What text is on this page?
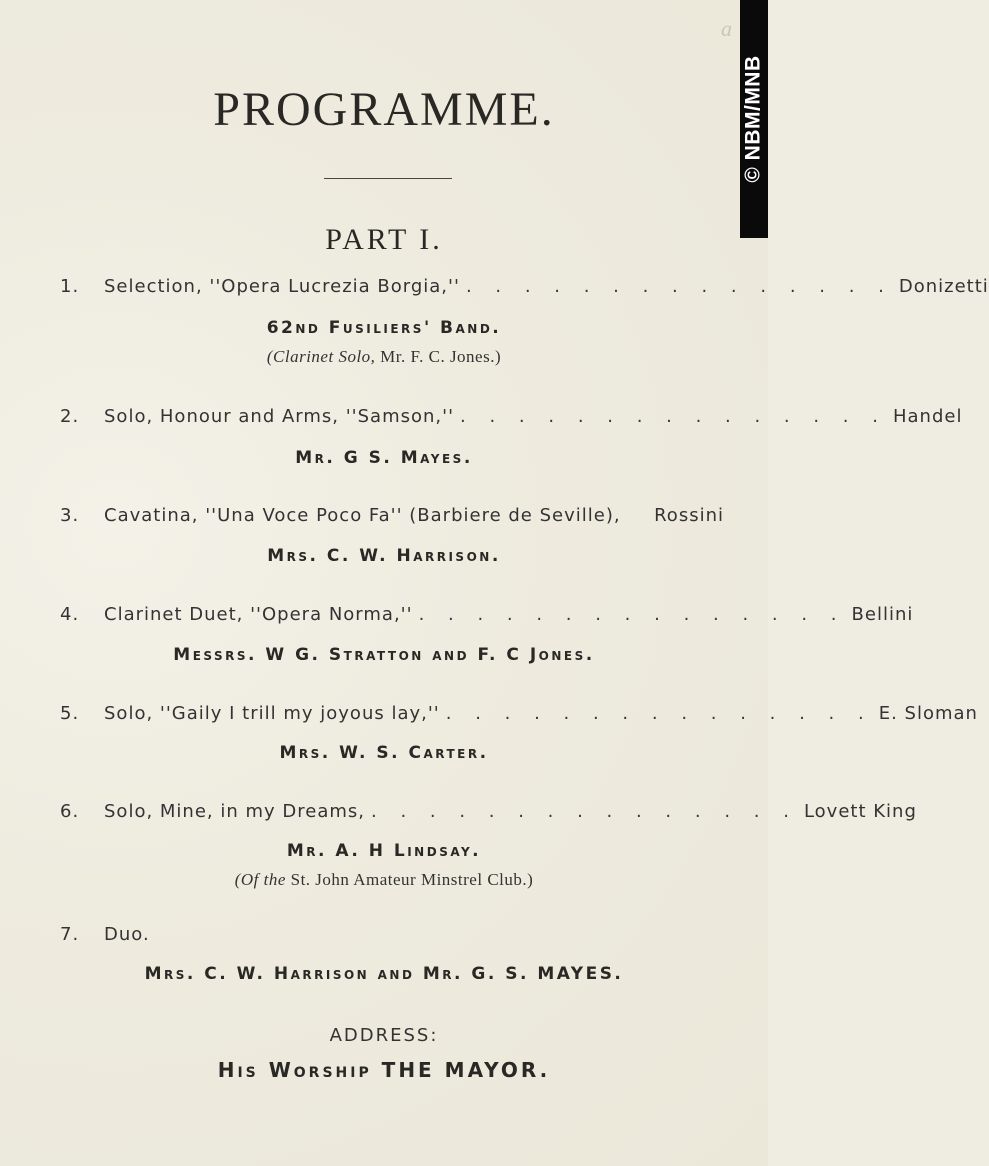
a
© NBM/MNB
PROGRAMME.
PART I.
1.	Selection, ''Opera Lucrezia Borgia,'' . . . . . . . . . . . . . . . Donizetti
62nd Fusiliers' Band.
(Clarinet Solo, Mr. F. C. Jones.)
2.	Solo, Honour and Arms, ''Samson,'' . . . . . . . . . . . . . . . Handel
Mr. G S. Mayes.
3.	Cavatina, ''Una Voce Poco Fa'' (Barbiere de Seville), Rossini
Mrs. C. W. Harrison.
4.	Clarinet Duet, ''Opera Norma,'' . . . . . . . . . . . . . . . Bellini
Messrs. W G. Stratton and F. C Jones.
5.	Solo, ''Gaily I trill my joyous lay,'' . . . . . . . . . . . . . . . E. Sloman
Mrs. W. S. Carter.
6.	Solo, Mine, in my Dreams, . . . . . . . . . . . . . . . Lovett King
Mr. A. H Lindsay.
(Of the St. John Amateur Minstrel Club.)
7.	Duo.
Mrs. C. W. Harrison and Mr. G. S. MAYES.
ADDRESS:
His Worship THE MAYOR.
